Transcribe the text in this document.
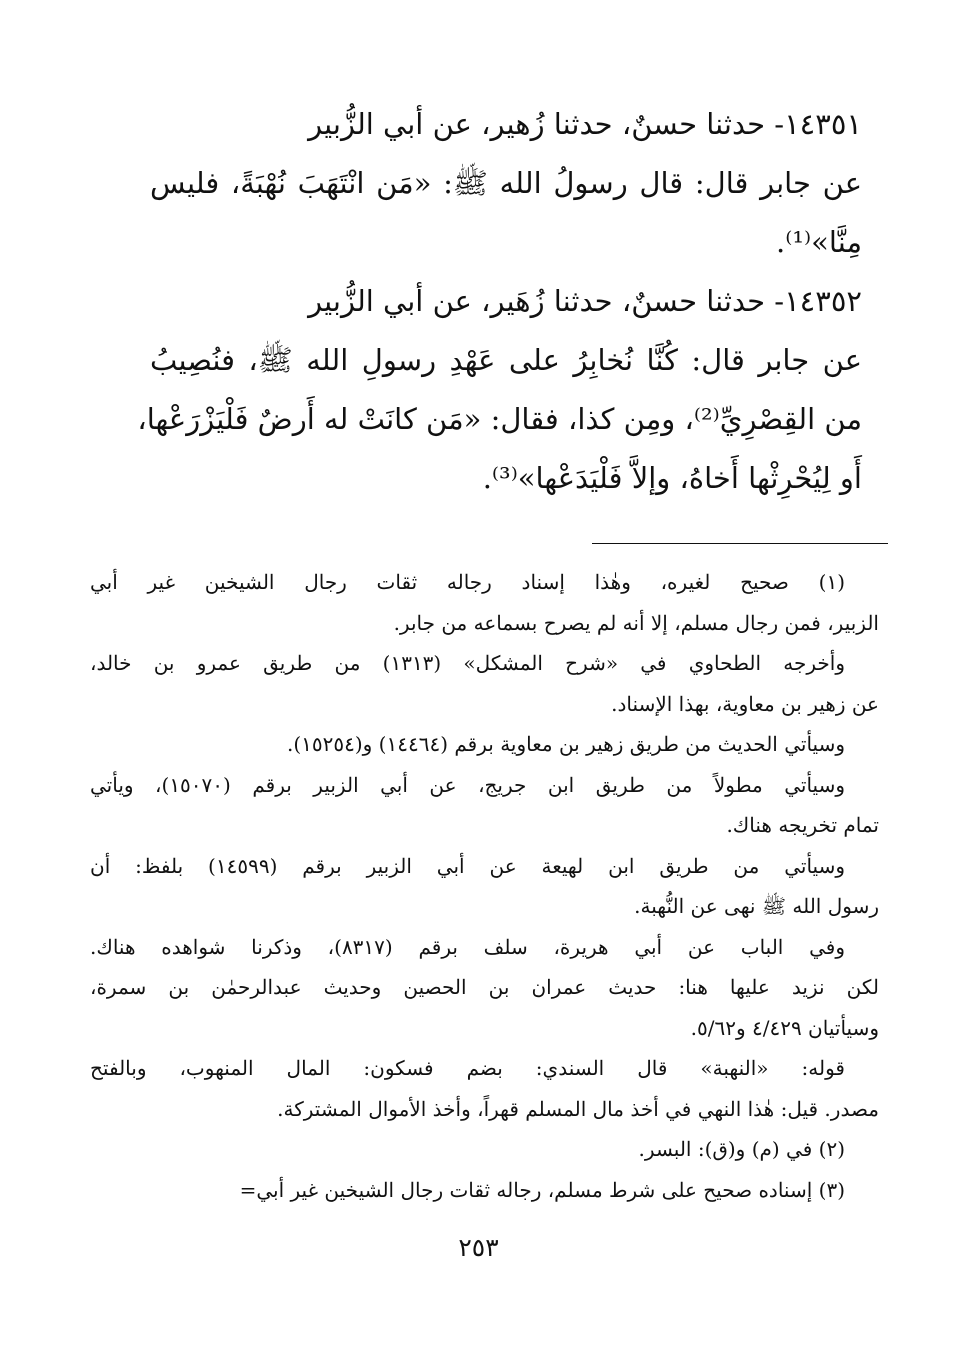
١٤٣٥١- حدثنا حسنٌ، حدثنا زُهير، عن أبي الزُّبير
عن جابر قال: قال رسولُ الله ﷺ: «مَن انْتَهَبَ نُهْبَةً، فليس
مِنَّا»⁽¹⁾.
١٤٣٥٢- حدثنا حسنٌ، حدثنا زُهَير، عن أبي الزُّبير
عن جابر قال: كُنَّا نُخابِرُ على عَهْدِ رسولِ الله ﷺ، فنُصِيبُ
من القِصْرِيِّ⁽²⁾، ومِن كذا، فقال: «مَن كانَتْ له أَرضٌ فَلْيَزْرَعْها،
أَو لِيُحْرِثْها أَخاهُ، وإلاَّ فَلْيَدَعْها»⁽³⁾.
(١) صحيح لغيره، وهٰذا إسناد رجاله ثقات رجال الشيخين غير أبي
الزبير، فمن رجال مسلم، إلا أنه لم يصرح بسماعه من جابر.
وأخرجه الطحاوي في «شرح المشكل» (١٣١٣) من طريق عمرو بن خالد،
عن زهير بن معاوية، بهذا الإسناد.
وسيأتي الحديث من طريق زهير بن معاوية برقم (١٤٤٦٤) و(١٥٢٥٤).
وسيأتي مطولاً من طريق ابن جريج، عن أبي الزبير برقم (١٥٠٧٠)، ويأتي
تمام تخريجه هناك.
وسيأتي من طريق ابن لهيعة عن أبي الزبير برقم (١٤٥٩٩) بلفظ: أن
رسول الله ﷺ نهى عن النُّهبة.
وفي الباب عن أبي هريرة، سلف برقم (٨٣١٧)، وذكرنا شواهده هناك.
لكن نزيد عليها هنا: حديث عمران بن الحصين وحديث عبدالرحمٰن بن سمرة،
وسيأتيان ٤/٤٢٩ و٥/٦٢.
قوله: «النهبة» قال السندي: بضم فسكون: المال المنهوب، وبالفتح
مصدر. قيل: هٰذا النهي في أخذ مال المسلم قهراً، وأخذ الأموال المشتركة.
(٢) في (م) و(ق): البسر.
(٣) إسناده صحيح على شرط مسلم، رجاله ثقات رجال الشيخين غير أبي=
٢٥٣
